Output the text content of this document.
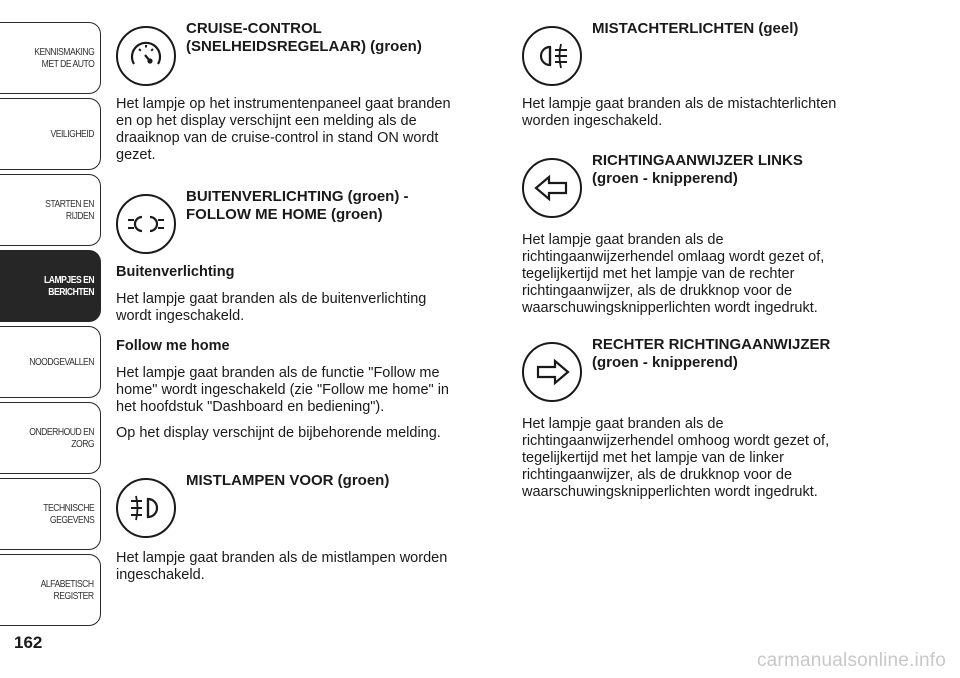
KENNISMAKING
MET DE AUTO
VEILIGHEID
STARTEN EN RIJDEN
LAMPJES EN
BERICHTEN
NOODGEVALLEN
ONDERHOUD EN
ZORG
TECHNISCHE
GEGEVENS
ALFABETISCH
REGISTER
162
CRUISE-CONTROL
(SNELHEIDSREGELAAR) (groen)

Het lampje op het instrumentenpaneel gaat branden
en op het display verschijnt een melding als de
draaiknop van de cruise-control in stand ON wordt
gezet.

BUITENVERLICHTING (groen) -
FOLLOW ME HOME (groen)
Buitenverlichting

Het lampje gaat branden als de buitenverlichting
wordt ingeschakeld.

Follow me home

Het lampje gaat branden als de functie "Follow me
home" wordt ingeschakeld (zie "Follow me home" in
het hoofdstuk "Dashboard en bediening").

Op het display verschijnt de bijbehorende melding.

MISTLAMPEN VOOR (groen)

Het lampje gaat branden als de mistlampen worden
ingeschakeld.

MISTACHTERLICHTEN (geel)

Het lampje gaat branden als de mistachterlichten
worden ingeschakeld.

RICHTINGAANWIJZER LINKS
(groen - knipperend)

Het lampje gaat branden als de
richtingaanwijzerhendel omlaag wordt gezet of,
tegelijkertijd met het lampje van de rechter
richtingaanwijzer, als de drukknop voor de
waarschuwingsknipperlichten wordt ingedrukt.

RECHTER RICHTINGAANWIJZER
(groen - knipperend)

Het lampje gaat branden als de
richtingaanwijzerhendel omhoog wordt gezet of,
tegelijkertijd met het lampje van de linker
richtingaanwijzer, als de drukknop voor de
waarschuwingsknipperlichten wordt ingedrukt.

carmanualsonline.info
